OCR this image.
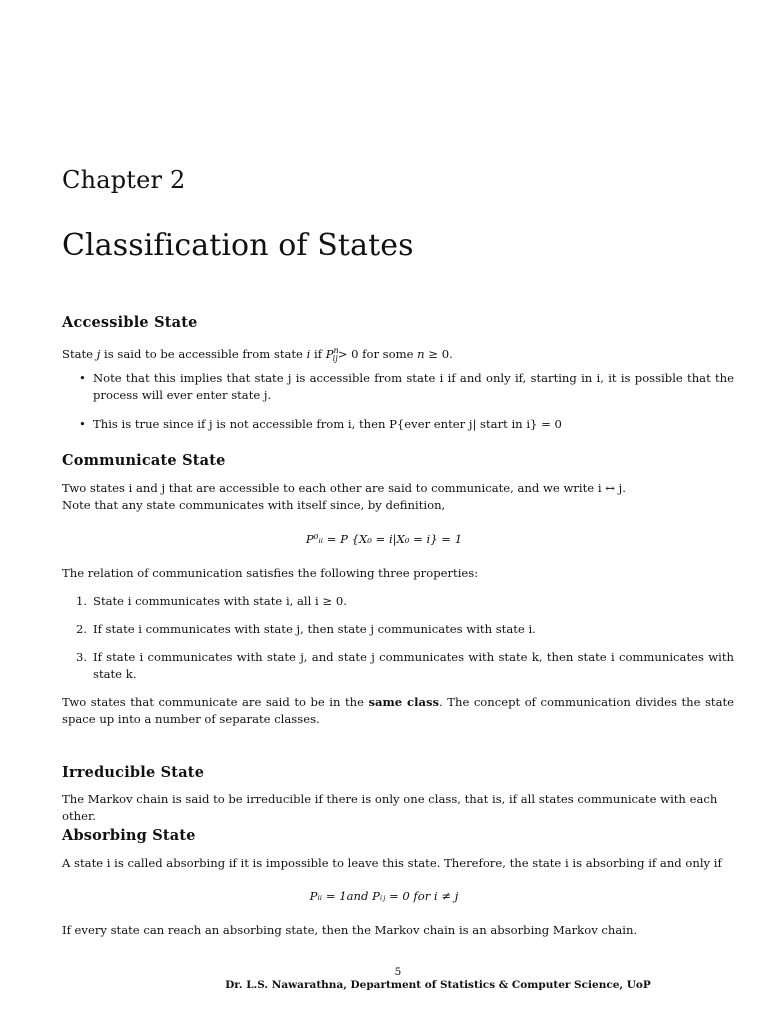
Chapter 2
Classification of States
Accessible State
State j is said to be accessible from state i if $P^n_{ij}> 0$ for some n ≥ 0.
• Note that this implies that state j is accessible from state i if and only if, starting in i, it is possible that the process will ever enter state j.
• This is true since if j is not accessible from i, then P{ever enter j| start in i} = 0
Communicate State
Two states i and j that are accessible to each other are said to communicate, and we write i ↔ j.
Note that any state communicates with itself since, by definition,
P⁰ᵢᵢ = P {X₀ = i|X₀ = i} = 1
The relation of communication satisfies the following three properties:
1. State i communicates with state i, all i ≥ 0.
2. If state i communicates with state j, then state j communicates with state i.
3. If state i communicates with state j, and state j communicates with state k, then state i communicates with state k.
Two states that communicate are said to be in the same class. The concept of communication divides the state space up into a number of separate classes.
Irreducible State
The Markov chain is said to be irreducible if there is only one class, that is, if all states communicate with each other.
Absorbing State
A state i is called absorbing if it is impossible to leave this state. Therefore, the state i is absorbing if and only if
Pᵢᵢ = 1and Pᵢⱼ = 0 for i ≠ j
If every state can reach an absorbing state, then the Markov chain is an absorbing Markov chain.
5
Dr. L.S. Nawarathna, Department of Statistics & Computer Science, UoP
